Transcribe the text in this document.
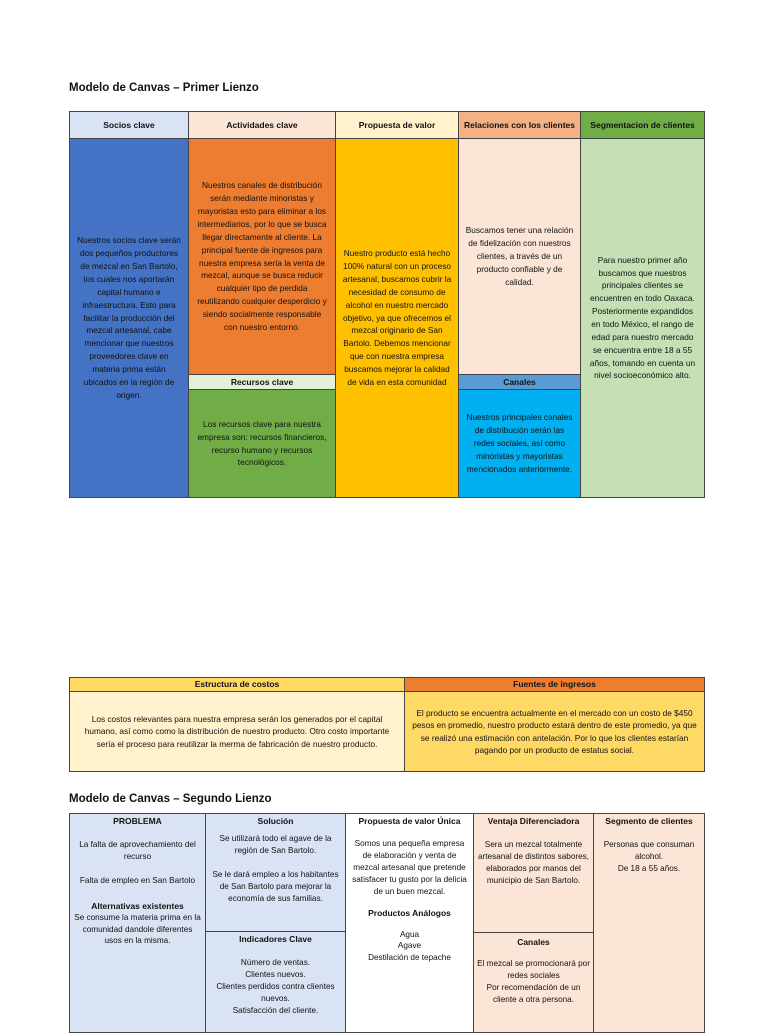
Modelo de Canvas – Primer Lienzo
Socios clave
Nuestros socios clave serán dos pequeños productores de mezcal en San Bartolo, los cuales nos aportarán capital humano e infraestructura. Esto para facilitar la producción del mezcal artesanal, cabe mencionar que nuestros proveedores clave en materia prima están ubicados en la región de origen.
Actividades clave
Nuestros canales de distribución serán mediante minoristas y mayoristas esto para eliminar a los intermediarios, por lo que se busca llegar directamente al cliente. La principal fuente de ingresos para nuestra empresa sería la venta de mezcal, aunque se busca reducir cualquier tipo de perdida reutilizando cualquier desperdicio y siendo socialmente responsable con nuestro entorno.
Recursos clave
Los recursos clave para nuestra empresa son: recursos financieros, recurso humano y recursos tecnológicos.
Propuesta de valor
Nuestro producto está hecho 100% natural con un proceso artesanal, buscamos cubrir la necesidad de consumo de alcohol en nuestro mercado objetivo, ya que ofrecemos el mezcal originario de San Bartolo. Debemos mencionar que con nuestra empresa buscamos mejorar la calidad de vida en esta comunidad
Relaciones con los clientes
Buscamos tener una relación de fidelización con nuestros clientes, a través de un producto confiable y de calidad.
Canales
Nuestros principales canales de distribución serán las redes sociales, así como minoristas y mayoristas mencionados anteriormente.
Segmentacion de clientes
Para nuestro primer año buscamos que nuestros principales clientes se encuentren en todo Oaxaca. Posteriormente expandidos en todo México, el rango de edad para nuestro mercado se encuentra entre 18 a 55 años, tomando en cuenta un nivel socioeconómico alto.
Estructura de costos
Los costos relevantes para nuestra empresa serán los generados por el capital humano, así como como la distribución de nuestro producto. Otro costo importante sería el proceso para reutilizar la merma de fabricación de nuestro producto.
Fuentes de ingresos
El producto se encuentra actualmente en el mercado con un costo de $450 pesos en promedio, nuestro producto estará dentro de este promedio, ya que se realizó una estimación con antelación. Por lo que los clientes estarían pagando por un producto de estatus social.
Modelo de Canvas – Segundo Lienzo
PROBLEMA
La falta de aprovechamiento del recurso

Falta de empleo en San Bartolo
Alternativas existentes
Se consume la materia prima en la comunidad dandole diferentes usos en la misma.
Solución
Se utilizará todo el agave de la región de San Bartolo.

Se le dará empleo a los habitantes de San Bartolo para mejorar la economía de sus familias.
Indicadores Clave
Número de ventas.
Clientes nuevos.
Clientes perdidos contra clientes nuevos.
Satisfacción del cliente.
Propuesta de valor Única
Somos una pequeña empresa de elaboración y venta de mezcal artesanal que pretende satisfacer tu gusto por la delicia de un buen mezcal.
Productos Análogos
Agua
Agave
Destilación de tepache
Ventaja Diferenciadora
Sera un mezcal totalmente artesanal de distintos sabores, elaborados por manos del municipio de San Bartolo.
Canales
El mezcal se promocionará por redes sociales
Por recomendación de un cliente a otra persona.
Segmento de clientes
Personas que consuman alcohol.
De 18 a 55 años.
